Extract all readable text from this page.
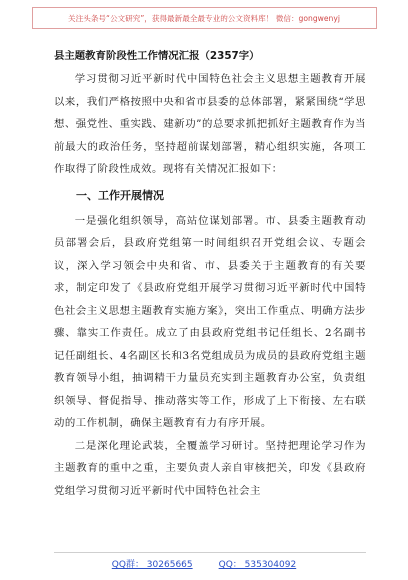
关注头条号“公文研究”，获得最新最全最专业的公文资料库！ 微信：gongwenyj
县主题教育阶段性工作情况汇报（2357字）

学习贯彻习近平新时代中国特色社会主义思想主题教育开展以来，我们严格按照中央和省市县委的总体部署，紧紧围绕“学思想、强党性、重实践、建新功”的总要求抓把抓好主题教育作为当前最大的政治任务，坚持超前谋划部署，精心组织实施，各项工作取得了阶段性成效。现将有关情况汇报如下：

一、工作开展情况

一是强化组织领导，高站位谋划部署。市、县委主题教育动员部署会后，县政府党组第一时间组织召开党组会议、专题会议，深入学习领会中央和省、市、县委关于主题教育的有关要求，制定印发了《县政府党组开展学习贯彻习近平新时代中国特色社会主义思想主题教育实施方案》，突出工作重点、明确方法步骤、靠实工作责任。成立了由县政府党组书记任组长、2名副书记任副组长、4名副区长和3名党组成员为成员的县政府党组主题教育领导小组，抽调精干力量员充实到主题教育办公室，负责组织领导、督促指导、推动落实等工作，形成了上下衔接、左右联动的工作机制，确保主题教育有力有序开展。

二是深化理论武装，全覆盖学习研讨。坚持把理论学习作为主题教育的重中之重，主要负责人亲自审核把关，印发《县政府党组学习贯彻习近平新时代中国特色社会主

QQ群： 30265665	QQ： 535304092
